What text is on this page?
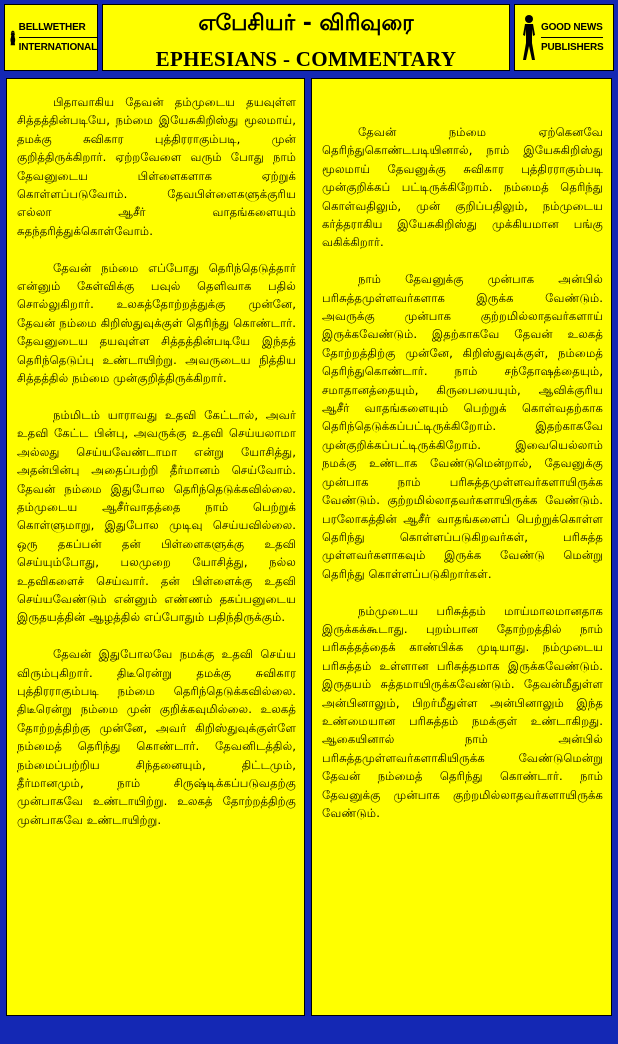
BELLWETHER
INTERNATIONAL
எபேசியர் - விரிவுரை
EPHESIANS - COMMENTARY
GOOD NEWS
PUBLISHERS

பிதாவாகிய தேவன் தம்முடைய தயவுள்ள சித்தத்தின்படியே, நம்மை இயேசுகிறிஸ்து மூலமாய், தமக்கு சுவிகார புத்திரராகும்படி, முன் குறித்திருக்கிறார். ஏற்றவேளை வரும் போது நாம் தேவனுடைய பிள்ளைகளாக ஏற்றுக் கொள்ளப்படுவோம். தேவபிள்ளைகளுக்குரிய எல்லா ஆசீர் வாதங்களையும் சுதந்தரித்துக்கொள்வோம்.

தேவன் நம்மை எப்போது தெரிந்தெடுத்தார் என்னும் கேள்விக்கு பவுல் தெளிவாக பதில் சொல்லுகிறார். உலகத்தோற்றத்துக்கு முன்னே, தேவன் நம்மை கிறிஸ்துவுக்குள் தெரிந்து கொண்டார். தேவனுடைய தயவுள்ள சித்தத்தின்படியே இந்தத் தெரிந்தெடுப்பு உண்டாயிற்று. அவருடைய நித்திய சித்தத்தில் நம்மை முன்குறித்திருக்கிறார்.

நம்மிடம் யாராவது உதவி கேட்டால், அவர் உதவி கேட்ட பின்பு, அவருக்கு உதவி செய்யலாமா அல்லது செய்யவேண்டாமா என்று யோசித்து, அதன்பின்பு அதைப்பற்றி தீர்மானம் செய்வோம். தேவன் நம்மை இதுபோல தெரிந்தெடுக்கவில்லை. தம்முடைய ஆசீர்வாதத்தை நாம் பெற்றுக் கொள்ளுமாறு, இதுபோல முடிவு செய்யவில்லை. ஒரு தகப்பன் தன் பிள்ளைகளுக்கு உதவி செய்யும்போது, பலமுறை யோசித்து, நல்ல உதவிகளைச் செய்வார். தன் பிள்ளைக்கு உதவி செய்யவேண்டும் என்னும் எண்ணம் தகப்பனுடைய இருதயத்தின் ஆழத்தில் எப்போதும் பதிந்திருக்கும்.

தேவன் இதுபோலவே நமக்கு உதவி செய்ய விரும்புகிறார். திடீரென்று தமக்கு சுவிகார புத்திரராகும்படி நம்மை தெரிந்தெடுக்கவில்லை. திடீரென்று நம்மை முன் குறிக்கவுமில்லை. உலகத் தோற்றத்திற்கு முன்னே, அவர் கிறிஸ்துவுக்குள்ளே நம்மைத் தெரிந்து கொண்டார். தேவனிடத்தில், நம்மைப்பற்றிய சிந்தனையும், திட்டமும், தீர்மானமும், நாம் சிருஷ்டிக்கப்படுவதற்கு முன்பாகவே உண்டாயிற்று. உலகத் தோற்றத்திற்கு முன்பாகவே உண்டாயிற்று.

தேவன் நம்மை ஏற்கெனவே தெரிந்துகொண்டபடியினால், நாம் இயேசுகிறிஸ்து மூலமாய் தேவனுக்கு சுவிகார புத்திரராகும்படி முன்குறிக்கப் பட்டிருக்கிறோம். நம்மைத் தெரிந்து கொள்வதிலும், முன் குறிப்பதிலும், நம்முடைய கர்த்தராகிய இயேசுகிறிஸ்து முக்கியமான பங்கு வகிக்கிறார்.

நாம் தேவனுக்கு முன்பாக அன்பில் பரிசுத்தமுள்ளவர்களாக இருக்க வேண்டும். அவருக்கு முன்பாக குற்றமில்லாதவர்களாய் இருக்கவேண்டும். இதற்காகவே தேவன் உலகத் தோற்றத்திற்கு முன்னே, கிறிஸ்துவுக்குள், நம்மைத் தெரிந்துகொண்டார். நாம் சந்தோஷத்தையும், சமாதானத்தையும், கிருபையையும், ஆவிக்குரிய ஆசீர் வாதங்களையும் பெற்றுக் கொள்வதற்காக தெரிந்தெடுக்கப்பட்டிருக்கிறோம். இதற்காகவே முன்குறிக்கப்பட்டிருக்கிறோம். இவையெல்லாம் நமக்கு உண்டாக வேண்டுமென்றால், தேவனுக்கு முன்பாக நாம் பரிசுத்தமுள்ளவர்களாயிருக்க வேண்டும். குற்றமில்லாதவர்களாயிருக்க வேண்டும். பரலோகத்தின் ஆசீர் வாதங்களைப் பெற்றுக்கொள்ள தெரிந்து கொள்ளப்படுகிறவர்கள், பரிசுத்த முள்ளவர்களாகவும் இருக்க வேண்டு மென்று தெரிந்து கொள்ளப்படுகிறார்கள்.

நம்முடைய பரிசுத்தம் மாய்மாலமானதாக இருக்கக்கூடாது. புறம்பான தோற்றத்தில் நாம் பரிசுத்தத்தைக் காண்பிக்க முடியாது. நம்முடைய பரிசுத்தம் உள்ளான பரிசுத்தமாக இருக்கவேண்டும். இருதயம் சுத்தமாயிருக்கவேண்டும். தேவன்மீதுள்ள அன்பினாலும், பிறர்மீதுள்ள அன்பினாலும் இந்த உண்மையான பரிசுத்தம் நமக்குள் உண்டாகிறது. ஆகையினால் நாம் அன்பில் பரிசுத்தமுள்ளவர்களாகியிருக்க வேண்டுமென்று தேவன் நம்மைத் தெரிந்து கொண்டார். நாம் தேவனுக்கு முன்பாக குற்றமில்லாதவர்களாயிருக்க வேண்டும்.
